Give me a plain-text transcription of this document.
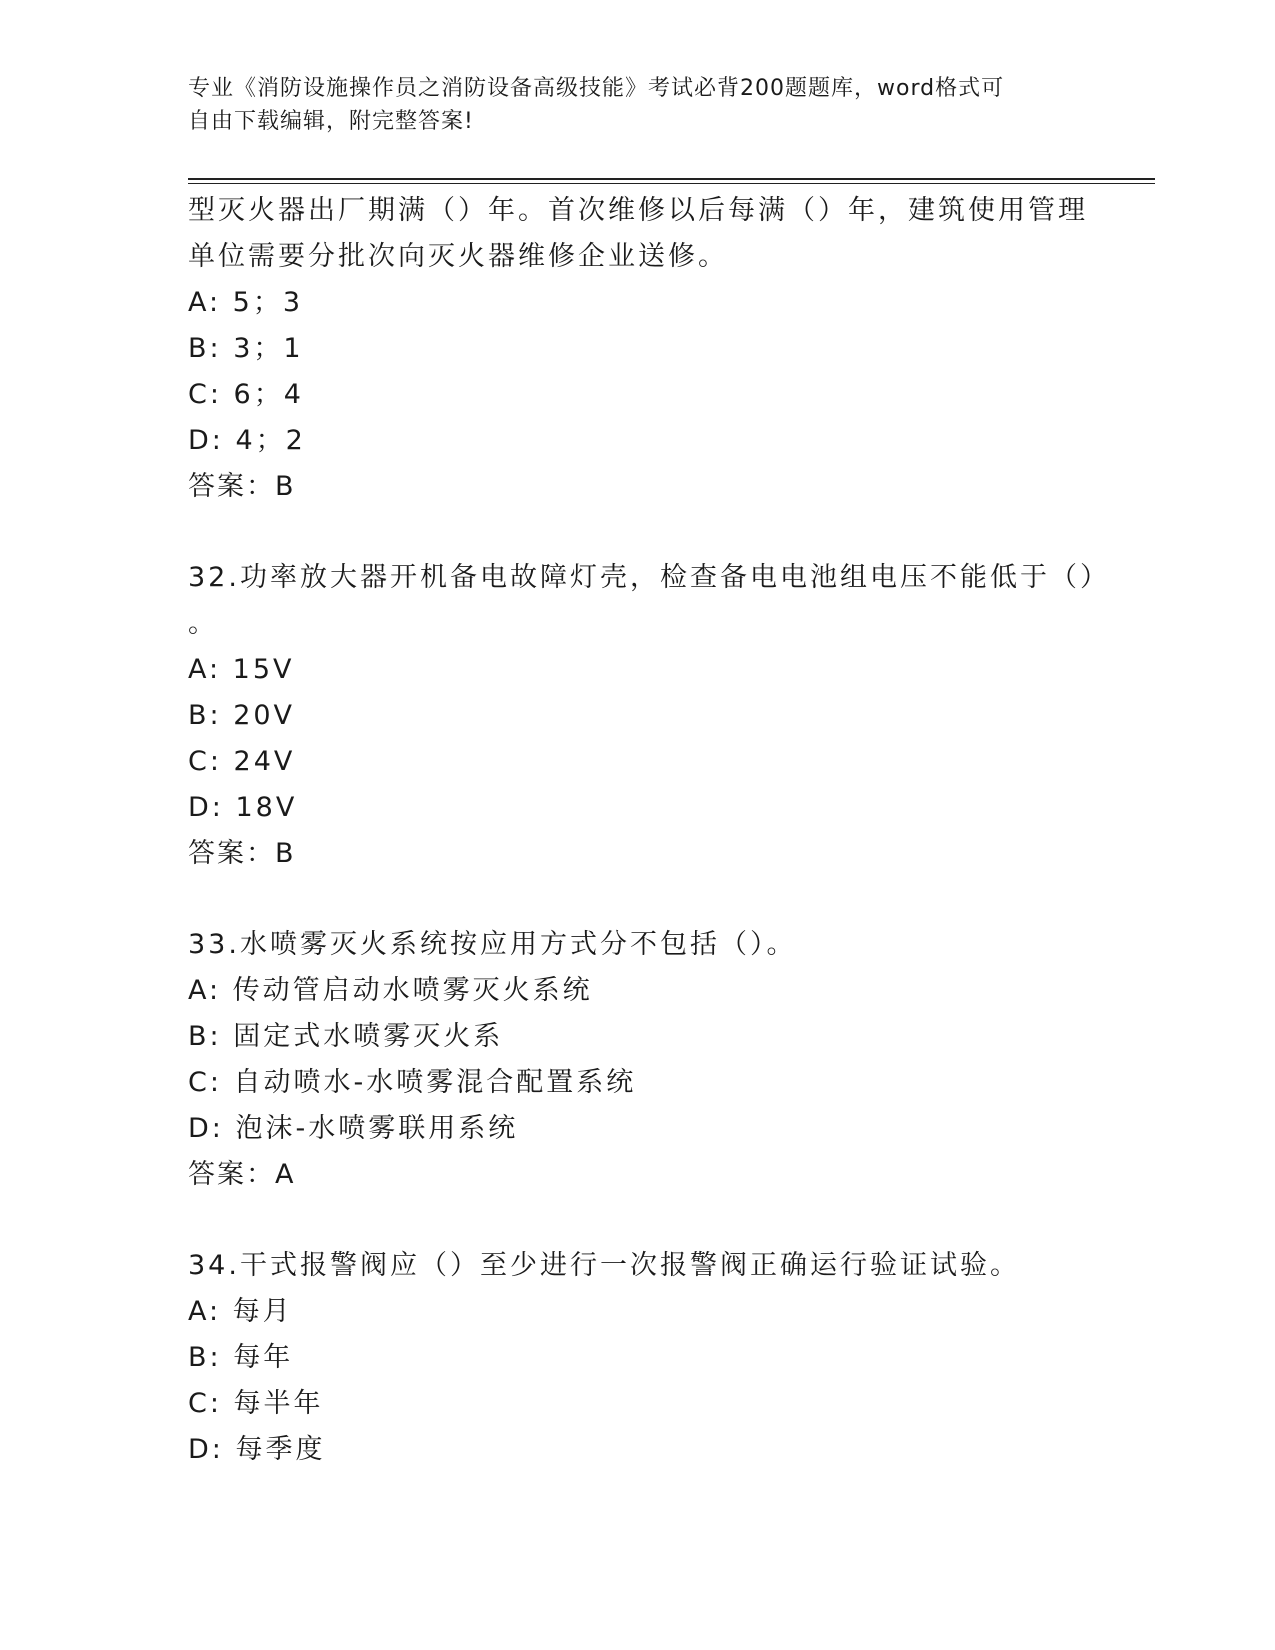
专业《消防设施操作员之消防设备高级技能》考试必背200题题库，word格式可
自由下载编辑，附完整答案!
型灭火器出厂期满（）年。首次维修以后每满（）年，建筑使用管理
单位需要分批次向灭火器维修企业送修。
A: 5；3
B: 3；1
C: 6；4
D: 4；2
答案：B
32.功率放大器开机备电故障灯壳，检查备电电池组电压不能低于（）
。
A: 15V
B: 20V
C: 24V
D: 18V
答案：B
33.水喷雾灭火系统按应用方式分不包括（）。
A: 传动管启动水喷雾灭火系统
B: 固定式水喷雾灭火系
C: 自动喷水-水喷雾混合配置系统
D: 泡沫-水喷雾联用系统
答案：A
34.干式报警阀应（）至少进行一次报警阀正确运行验证试验。
A: 每月
B: 每年
C: 每半年
D: 每季度
